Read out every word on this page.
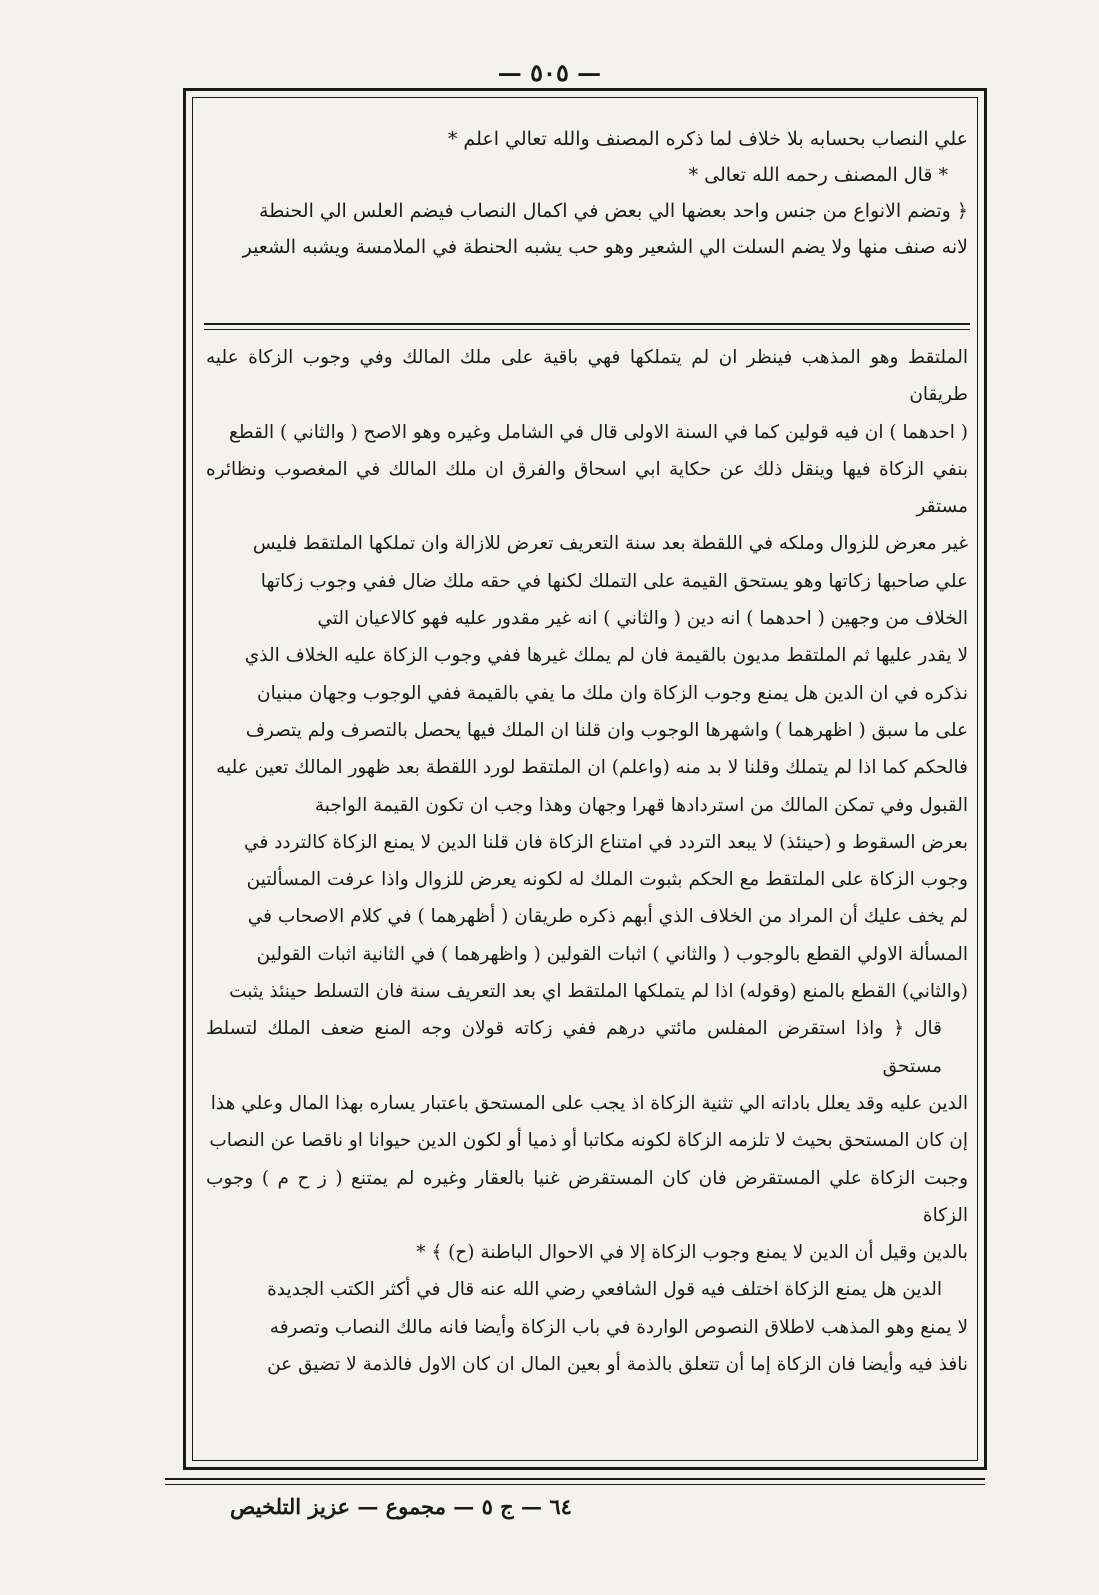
— ٥٠٥ —

علي النصاب بحسابه بلا خلاف لما ذكره المصنف والله تعالي اعلم *

* قال المصنف رحمه الله تعالى *

﴿ وتضم الانواع من جنس واحد بعضها الي بعض في اكمال النصاب فيضم العلس الي الحنطة

لانه صنف منها ولا يضم السلت الي الشعير وهو حب يشبه الحنطة في الملامسة ويشبه الشعير

الملتقط وهو المذهب فينظر ان لم يتملكها فهي باقية على ملك المالك وفي وجوب الزكاة عليه طريقان

( احدهما ) ان فيه قولين كما في السنة الاولى قال في الشامل وغيره وهو الاصح ( والثاني ) القطع

بنفي الزكاة فيها وينقل ذلك عن حكاية ابي اسحاق والفرق ان ملك المالك في المغصوب ونظائره مستقر

غير معرض للزوال وملكه في اللقطة بعد سنة التعريف تعرض للازالة وان تملكها الملتقط فليس

علي صاحبها زكاتها وهو يستحق القيمة على التملك لكنها في حقه ملك ضال ففي وجوب زكاتها

الخلاف من وجهين ( احدهما ) انه دين ( والثاني ) انه غير مقدور عليه فهو كالاعيان التي

لا يقدر عليها ثم الملتقط مديون بالقيمة فان لم يملك غيرها ففي وجوب الزكاة عليه الخلاف الذي

نذكره في ان الدين هل يمنع وجوب الزكاة وان ملك ما يفي بالقيمة ففي الوجوب وجهان مبنيان

على ما سبق ( اظهرهما ) واشهرها الوجوب وان قلنا ان الملك فيها يحصل بالتصرف ولم يتصرف

فالحكم كما اذا لم يتملك وقلنا لا بد منه (واعلم) ان الملتقط لورد اللقطة بعد ظهور المالك تعين عليه

القبول وفي تمكن المالك من استردادها قهرا وجهان وهذا وجب ان تكون القيمة الواجبة

بعرض السقوط و (حينئذ) لا يبعد التردد في امتناع الزكاة فان قلنا الدين لا يمنع الزكاة كالتردد في

وجوب الزكاة على الملتقط مع الحكم بثبوت الملك له لكونه يعرض للزوال واذا عرفت المسألتين

لم يخف عليك أن المراد من الخلاف الذي أبهم ذكره طريقان ( أظهرهما ) في كلام الاصحاب في

المسألة الاولي القطع بالوجوب ( والثاني ) اثبات القولين ( واظهرهما ) في الثانية اثبات القولين

(والثاني) القطع بالمنع (وقوله) اذا لم يتملكها الملتقط اي بعد التعريف سنة فان التسلط حينئذ يثبت

قال ﴿ واذا استقرض المفلس مائتي درهم ففي زكاته قولان وجه المنع ضعف الملك لتسلط مستحق

الدين عليه وقد يعلل باداته الي تثنية الزكاة اذ يجب على المستحق باعتبار يساره بهذا المال وعلي هذا

إن كان المستحق بحيث لا تلزمه الزكاة لكونه مكاتبا أو ذميا أو لكون الدين حيوانا او ناقصا عن النصاب

وجبت الزكاة علي المستقرض فان كان المستقرض غنيا بالعقار وغيره لم يمتنع ( ز ح م ) وجوب الزكاة

بالدين وقيل أن الدين لا يمنع وجوب الزكاة إلا في الاحوال الباطنة (ح) ﴾ *

الدين هل يمنع الزكاة اختلف فيه قول الشافعي رضي الله عنه قال في أكثر الكتب الجديدة

لا يمنع وهو المذهب لاطلاق النصوص الواردة في باب الزكاة وأيضا فانه مالك النصاب وتصرفه

نافذ فيه وأيضا فان الزكاة إما أن تتعلق بالذمة أو بعين المال ان كان الاول فالذمة لا تضيق عن

٦٤ — ج ٥ — مجموع — عزيز التلخيص
